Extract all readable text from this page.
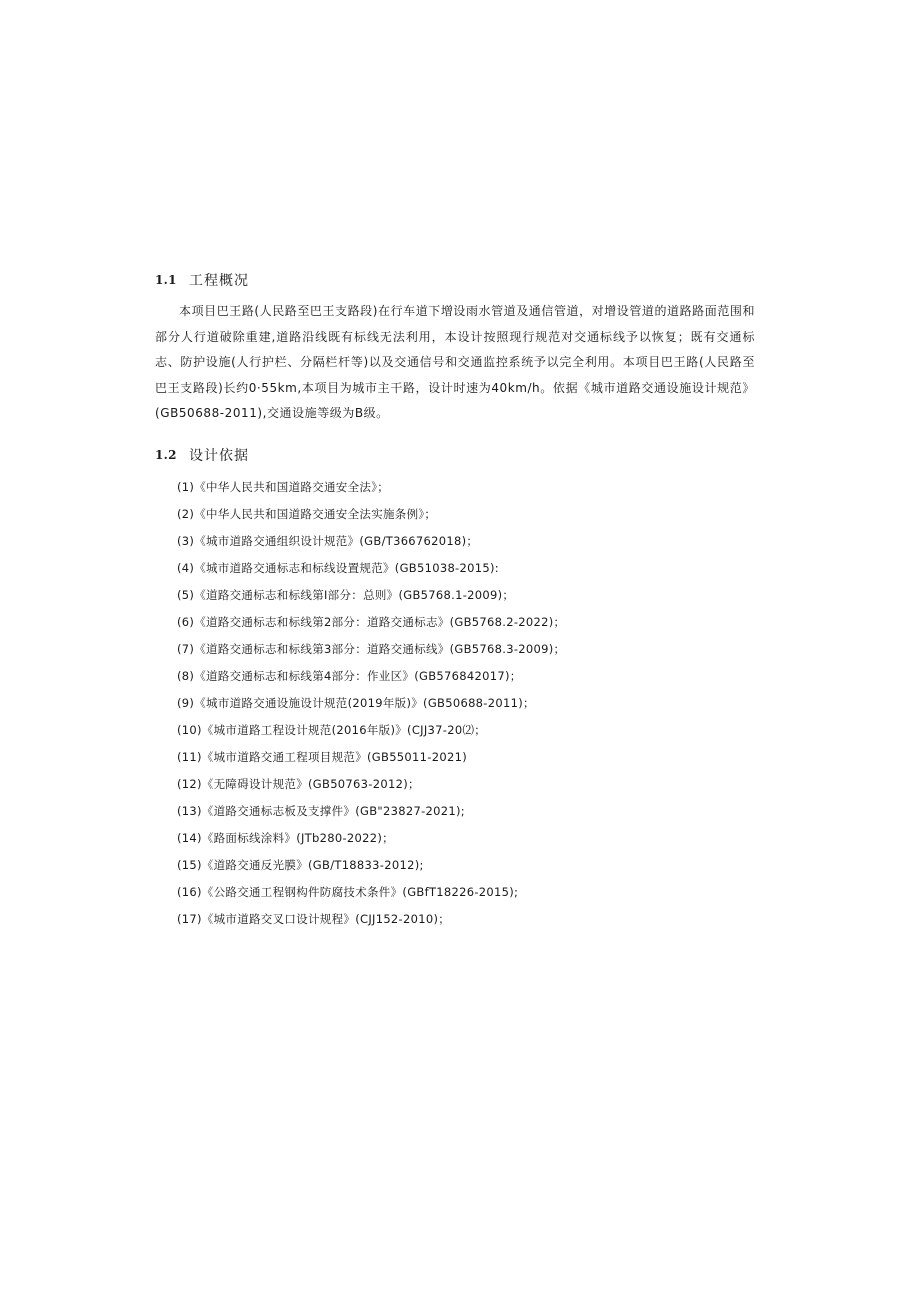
1.1 工程概况
本项目巴王路(人民路至巴王支路段)在行车道下增设雨水管道及通信管道，对增设管道的道路路面范围和部分人行道破除重建,道路沿线既有标线无法利用，本设计按照现行规范对交通标线予以恢复；既有交通标志、防护设施(人行护栏、分隔栏杆等)以及交通信号和交通监控系统予以完全利用。本项目巴王路(人民路至巴王支路段)长约0·55km,本项目为城市主干路，设计时速为40km/h。依据《城市道路交通设施设计规范》(GB50688-2011),交通设施等级为B级。
1.2 设计依据
(1)《中华人民共和国道路交通安全法》；
(2)《中华人民共和国道路交通安全法实施条例》；
(3)《城市道路交通组织设计规范》(GB/T366762018)；
(4)《城市道路交通标志和标线设置规范》(GB51038-2015):
(5)《道路交通标志和标线第I部分：总则》(GB5768.1-2009)；
(6)《道路交通标志和标线第2部分：道路交通标志》(GB5768.2-2022)；
(7)《道路交通标志和标线第3部分：道路交通标线》(GB5768.3-2009)；
(8)《道路交通标志和标线第4部分：作业区》(GB576842017)；
(9)《城市道路交通设施设计规范(2019年版)》(GB50688-2011)；
(10)《城市道路工程设计规范(2016年版)》(CJJ37-20⑵；
(11)《城市道路交通工程项目规范》(GB55011-2021)
(12)《无障碍设计规范》(GB50763-2012)；
(13)《道路交通标志板及支撑件》(GB"23827-2021);
(14)《路面标线涂料》(JTb280-2022)；
(15)《道路交通反光膜》(GB/T18833-2012);
(16)《公路交通工程钢构件防腐技术条件》(GBfT18226-2015);
(17)《城市道路交叉口设计规程》(CJJ152-2010)；
